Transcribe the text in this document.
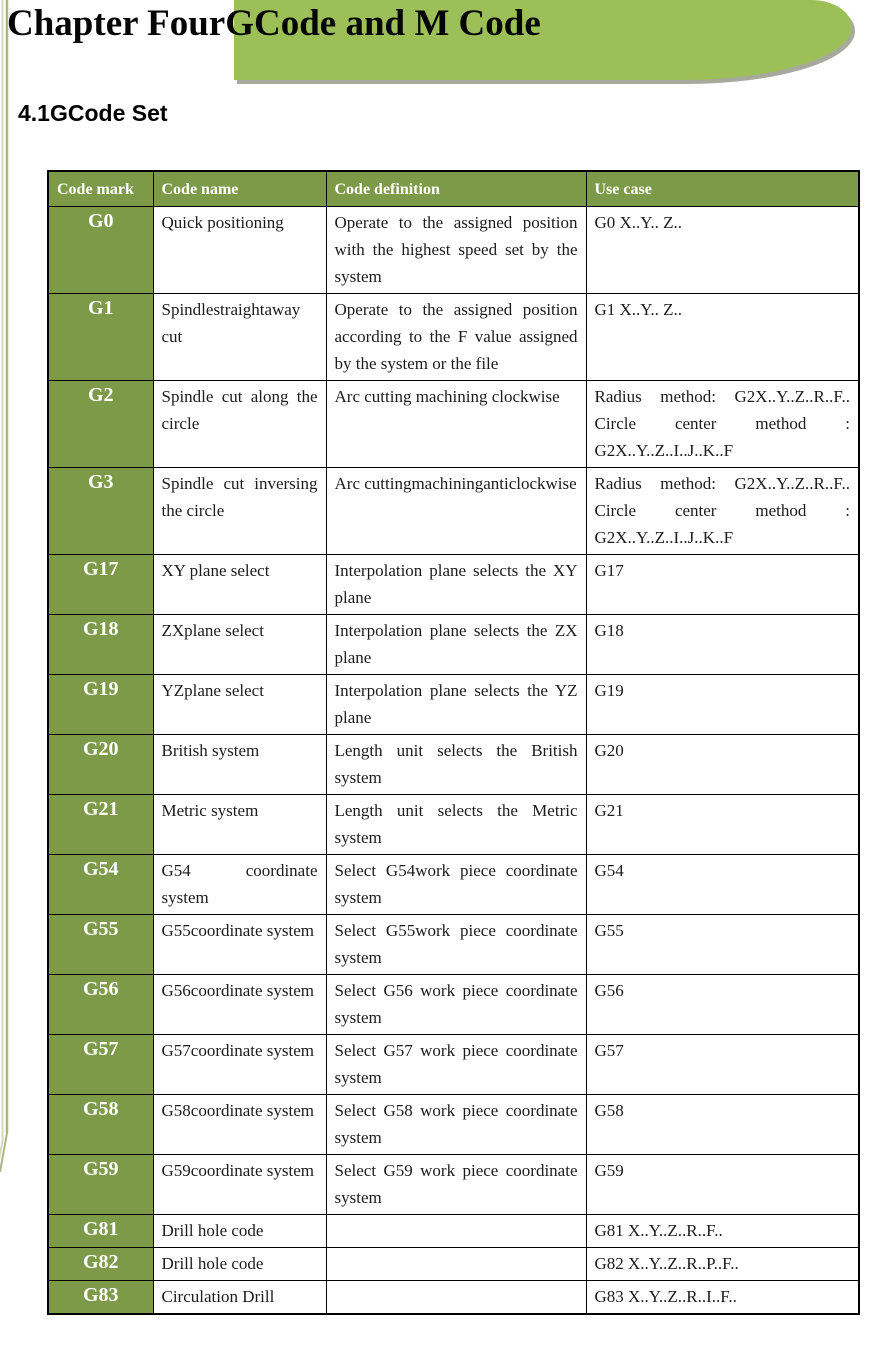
Chapter FourGCode and M Code
4.1GCode Set
Code mark	Code name	Code definition	Use case
G0	Quick positioning	Operate to the assigned position with the highest speed set by the system	G0 X..Y.. Z..
G1	Spindlestraightaway cut	Operate to the assigned position according to the F value assigned by the system or the file	G1 X..Y.. Z..
G2	Spindle cut along the circle	Arc cutting machining clockwise	Radius method: G2X..Y..Z..R..F.. Circle center method : G2X..Y..Z..I..J..K..F
G3	Spindle cut inversing the circle	Arc cuttingmachininganticlockwise	Radius method: G2X..Y..Z..R..F.. Circle center method : G2X..Y..Z..I..J..K..F
G17	XY plane select	Interpolation plane selects the XY plane	G17
G18	ZXplane select	Interpolation plane selects the ZX plane	G18
G19	YZplane select	Interpolation plane selects the YZ plane	G19
G20	British system	Length unit selects the British system	G20
G21	Metric system	Length unit selects the Metric system	G21
G54	G54 coordinate system	Select G54work piece coordinate system	G54
G55	G55coordinate system	Select G55work piece coordinate system	G55
G56	G56coordinate system	Select G56 work piece coordinate system	G56
G57	G57coordinate system	Select G57 work piece coordinate system	G57
G58	G58coordinate system	Select G58 work piece coordinate system	G58
G59	G59coordinate system	Select G59 work piece coordinate system	G59
G81	Drill hole code		G81 X..Y..Z..R..F..
G82	Drill hole code		G82 X..Y..Z..R..P..F..
G83	Circulation Drill		G83 X..Y..Z..R..I..F..
